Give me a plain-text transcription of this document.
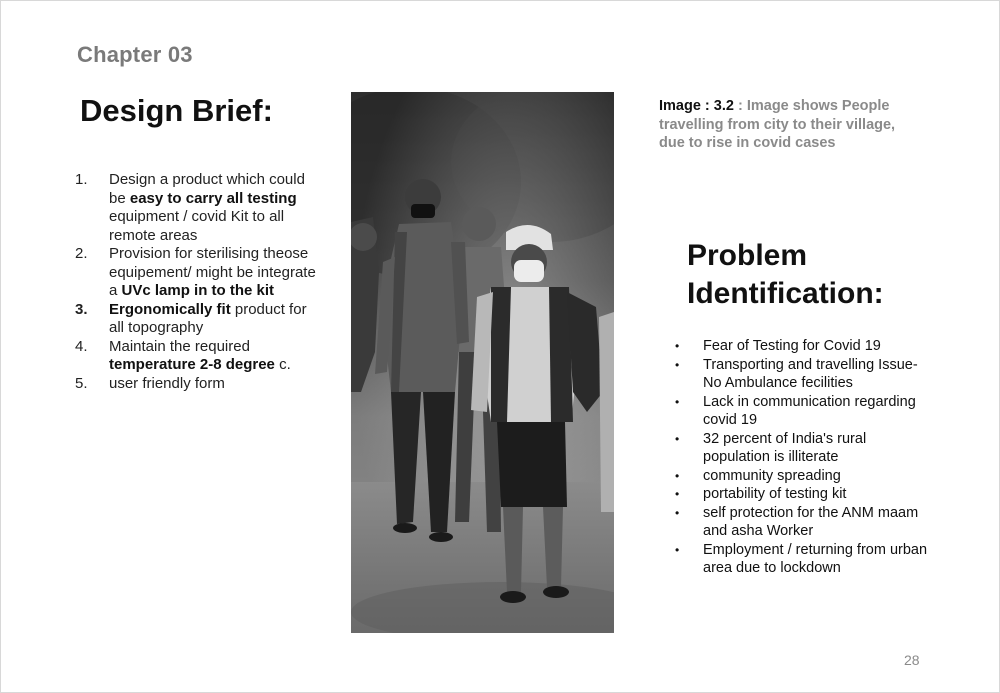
Chapter 03
Design Brief:
1.	Design a product which could be easy to carry all testing equipment / covid Kit to all remote areas
2.	Provision for sterilising theose equipement/ might be integrate a UVc lamp in to the kit
3.	Ergonomically fit product for all topography
4.	Maintain the required temperature 2-8 degree c.
5.	user friendly form
Image : 3.2 : Image shows People travelling from city to their village, due to rise in covid cases
Problem
Identification:
• Fear of Testing for Covid 19
• Transporting and travelling Issue- No Ambulance fecilities
• Lack in communication regarding covid 19
• 32 percent of India's rural population is illiterate
• community spreading
• portability of testing kit
• self protection for the ANM maam and asha Worker
• Employment / returning from urban area due to lockdown
28
